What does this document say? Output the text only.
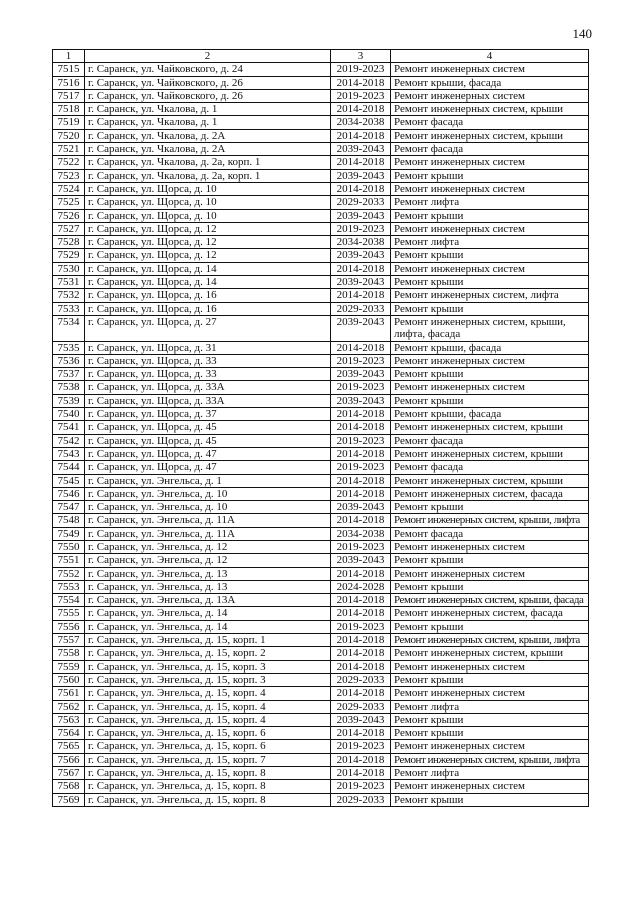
140
1	2	3	4
7515	г. Саранск, ул. Чайковского, д. 24	2019-2023	Ремонт инженерных систем
7516	г. Саранск, ул. Чайковского, д. 26	2014-2018	Ремонт крыши, фасада
7517	г. Саранск, ул. Чайковского, д. 26	2019-2023	Ремонт инженерных систем
7518	г. Саранск, ул. Чкалова, д. 1	2014-2018	Ремонт инженерных систем, крыши
7519	г. Саранск, ул. Чкалова, д. 1	2034-2038	Ремонт фасада
7520	г. Саранск, ул. Чкалова, д. 2А	2014-2018	Ремонт инженерных систем, крыши
7521	г. Саранск, ул. Чкалова, д. 2А	2039-2043	Ремонт фасада
7522	г. Саранск, ул. Чкалова, д. 2а, корп. 1	2014-2018	Ремонт инженерных систем
7523	г. Саранск, ул. Чкалова, д. 2а, корп. 1	2039-2043	Ремонт крыши
7524	г. Саранск, ул. Щорса, д. 10	2014-2018	Ремонт инженерных систем
7525	г. Саранск, ул. Щорса, д. 10	2029-2033	Ремонт лифта
7526	г. Саранск, ул. Щорса, д. 10	2039-2043	Ремонт крыши
7527	г. Саранск, ул. Щорса, д. 12	2019-2023	Ремонт инженерных систем
7528	г. Саранск, ул. Щорса, д. 12	2034-2038	Ремонт лифта
7529	г. Саранск, ул. Щорса, д. 12	2039-2043	Ремонт крыши
7530	г. Саранск, ул. Щорса, д. 14	2014-2018	Ремонт инженерных систем
7531	г. Саранск, ул. Щорса, д. 14	2039-2043	Ремонт крыши
7532	г. Саранск, ул. Щорса, д. 16	2014-2018	Ремонт инженерных систем, лифта
7533	г. Саранск, ул. Щорса, д. 16	2029-2033	Ремонт крыши
7534	г. Саранск, ул. Щорса, д. 27	2039-2043	Ремонт инженерных систем, крыши, лифта, фасада
7535	г. Саранск, ул. Щорса, д. 31	2014-2018	Ремонт крыши, фасада
7536	г. Саранск, ул. Щорса, д. 33	2019-2023	Ремонт инженерных систем
7537	г. Саранск, ул. Щорса, д. 33	2039-2043	Ремонт крыши
7538	г. Саранск, ул. Щорса, д. 33А	2019-2023	Ремонт инженерных систем
7539	г. Саранск, ул. Щорса, д. 33А	2039-2043	Ремонт крыши
7540	г. Саранск, ул. Щорса, д. 37	2014-2018	Ремонт крыши, фасада
7541	г. Саранск, ул. Щорса, д. 45	2014-2018	Ремонт инженерных систем, крыши
7542	г. Саранск, ул. Щорса, д. 45	2019-2023	Ремонт фасада
7543	г. Саранск, ул. Щорса, д. 47	2014-2018	Ремонт инженерных систем, крыши
7544	г. Саранск, ул. Щорса, д. 47	2019-2023	Ремонт фасада
7545	г. Саранск, ул. Энгельса, д. 1	2014-2018	Ремонт инженерных систем, крыши
7546	г. Саранск, ул. Энгельса, д. 10	2014-2018	Ремонт инженерных систем, фасада
7547	г. Саранск, ул. Энгельса, д. 10	2039-2043	Ремонт крыши
7548	г. Саранск, ул. Энгельса, д. 11А	2014-2018	Ремонт инженерных систем, крыши, лифта
7549	г. Саранск, ул. Энгельса, д. 11А	2034-2038	Ремонт фасада
7550	г. Саранск, ул. Энгельса, д. 12	2019-2023	Ремонт инженерных систем
7551	г. Саранск, ул. Энгельса, д. 12	2039-2043	Ремонт крыши
7552	г. Саранск, ул. Энгельса, д. 13	2014-2018	Ремонт инженерных систем
7553	г. Саранск, ул. Энгельса, д. 13	2024-2028	Ремонт крыши
7554	г. Саранск, ул. Энгельса, д. 13А	2014-2018	Ремонт инженерных систем, крыши, фасада
7555	г. Саранск, ул. Энгельса, д. 14	2014-2018	Ремонт инженерных систем, фасада
7556	г. Саранск, ул. Энгельса, д. 14	2019-2023	Ремонт крыши
7557	г. Саранск, ул. Энгельса, д. 15, корп. 1	2014-2018	Ремонт инженерных систем, крыши, лифта
7558	г. Саранск, ул. Энгельса, д. 15, корп. 2	2014-2018	Ремонт инженерных систем, крыши
7559	г. Саранск, ул. Энгельса, д. 15, корп. 3	2014-2018	Ремонт инженерных систем
7560	г. Саранск, ул. Энгельса, д. 15, корп. 3	2029-2033	Ремонт крыши
7561	г. Саранск, ул. Энгельса, д. 15, корп. 4	2014-2018	Ремонт инженерных систем
7562	г. Саранск, ул. Энгельса, д. 15, корп. 4	2029-2033	Ремонт лифта
7563	г. Саранск, ул. Энгельса, д. 15, корп. 4	2039-2043	Ремонт крыши
7564	г. Саранск, ул. Энгельса, д. 15, корп. 6	2014-2018	Ремонт крыши
7565	г. Саранск, ул. Энгельса, д. 15, корп. 6	2019-2023	Ремонт инженерных систем
7566	г. Саранск, ул. Энгельса, д. 15, корп. 7	2014-2018	Ремонт инженерных систем, крыши, лифта
7567	г. Саранск, ул. Энгельса, д. 15, корп. 8	2014-2018	Ремонт лифта
7568	г. Саранск, ул. Энгельса, д. 15, корп. 8	2019-2023	Ремонт инженерных систем
7569	г. Саранск, ул. Энгельса, д. 15, корп. 8	2029-2033	Ремонт крыши
